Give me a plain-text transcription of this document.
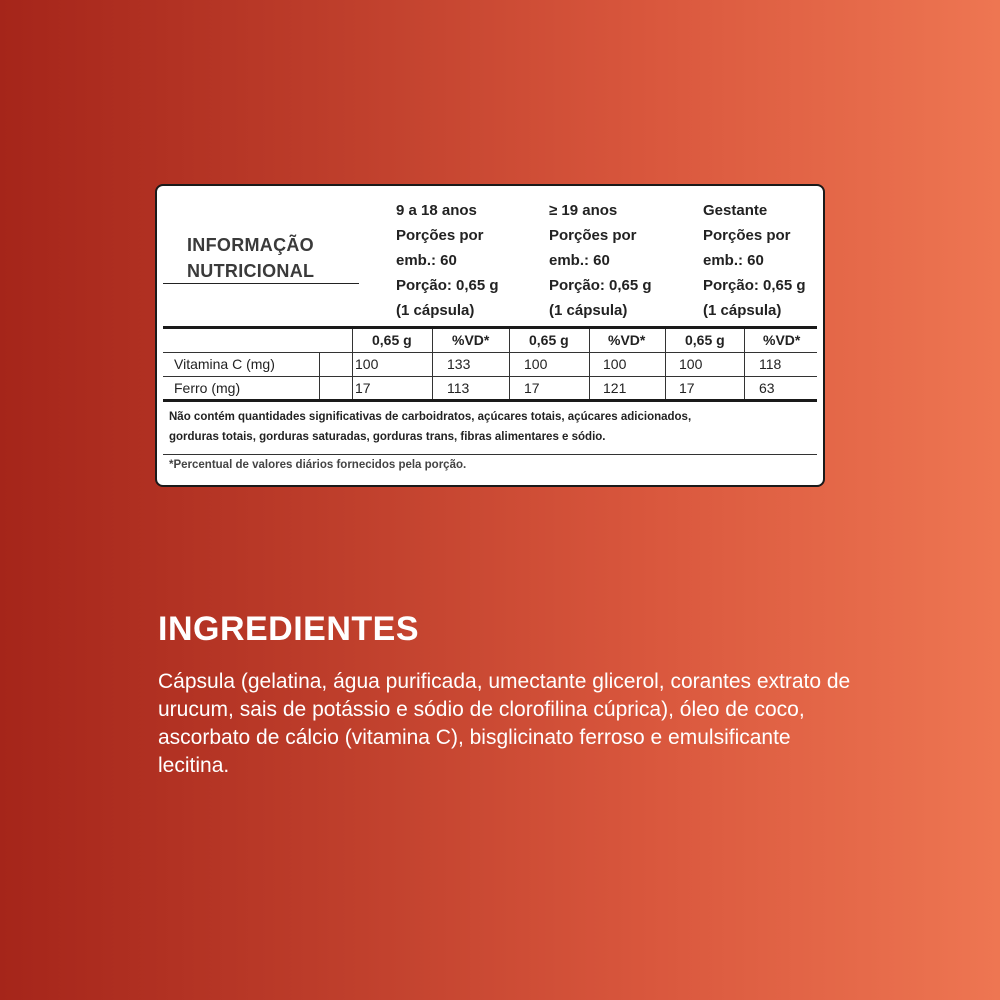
INFORMAÇÃO
NUTRICIONAL
9 a 18 anos
Porções por
emb.: 60
Porção: 0,65 g
(1 cápsula)
≥ 19 anos
Porções por
emb.: 60
Porção: 0,65 g
(1 cápsula)
Gestante
Porções por
emb.: 60
Porção: 0,65 g
(1 cápsula)
0,65 g	%VD*	0,65 g	%VD*	0,65 g	%VD*
Vitamina C (mg)	100	133	100	100	100	118
Ferro (mg)	17	113	17	121	17	63
Não contém quantidades significativas de carboidratos, açúcares totais, açúcares adicionados,
gorduras totais, gorduras saturadas, gorduras trans, fibras alimentares e sódio.
*Percentual de valores diários fornecidos pela porção.
INGREDIENTES
Cápsula (gelatina, água purificada, umectante glicerol, corantes extrato de urucum, sais de potássio e sódio de clorofilina cúprica), óleo de coco, ascorbato de cálcio (vitamina C), bisglicinato ferroso e emulsificante lecitina.
